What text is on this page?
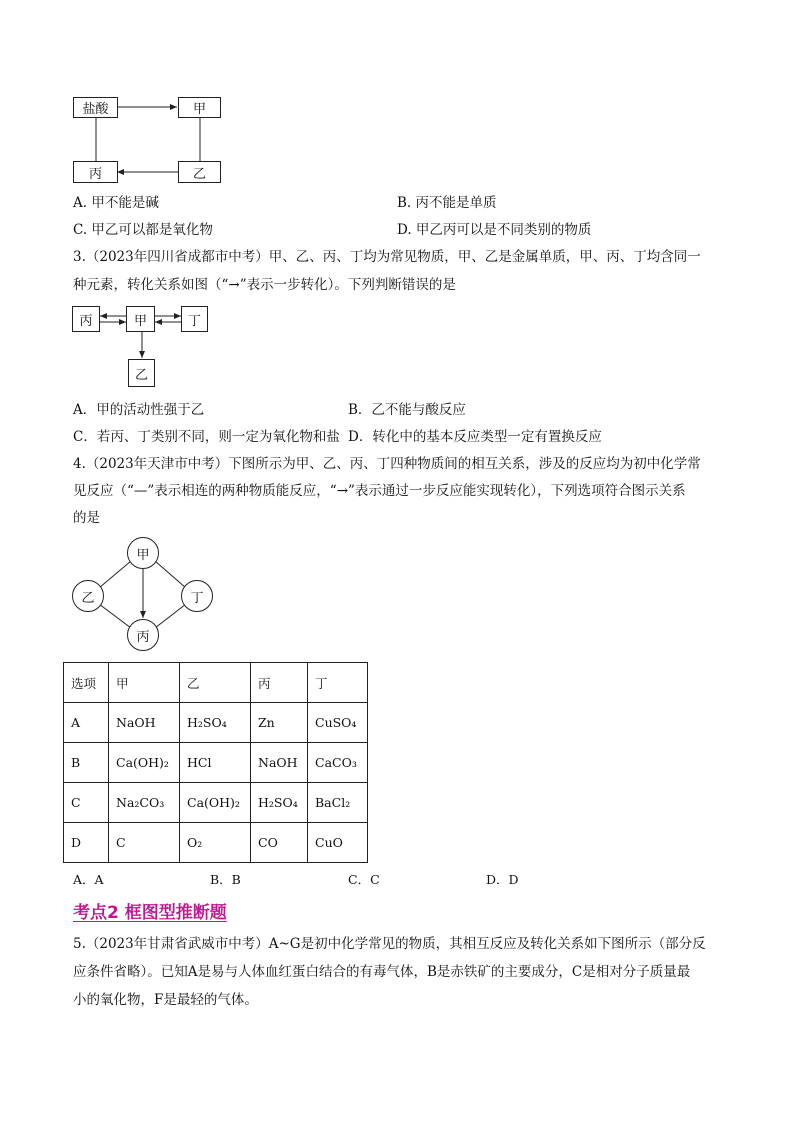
盐酸	甲
丙	乙
A. 甲不能是碱	B. 丙不能是单质
C. 甲乙可以都是氧化物	D. 甲乙丙可以是不同类别的物质
3.（2023年四川省成都市中考）甲、乙、丙、丁均为常见物质，甲、乙是金属单质，甲、丙、丁均含同一
种元素，转化关系如图（“→”表示一步转化）。下列判断错误的是
丙	甲	丁
乙
A．甲的活动性强于乙	B．乙不能与酸反应
C．若丙、丁类别不同，则一定为氧化物和盐 D．转化中的基本反应类型一定有置换反应
4.（2023年天津市中考）下图所示为甲、乙、丙、丁四种物质间的相互关系，涉及的反应均为初中化学常
见反应（“—”表示相连的两种物质能反应，“→”表示通过一步反应能实现转化），下列选项符合图示关系
的是
甲
乙	丁
丙
选项	甲	乙	丙	丁
A	NaOH	H₂SO₄	Zn	CuSO₄
B	Ca(OH)₂	HCl	NaOH	CaCO₃
C	Na₂CO₃	Ca(OH)₂	H₂SO₄	BaCl₂
D	C	O₂	CO	CuO
A．A	B．B	C．C	D．D
考点2 框图型推断题
5.（2023年甘肃省武威市中考）A~G是初中化学常见的物质，其相互反应及转化关系如下图所示（部分反
应条件省略）。已知A是易与人体血红蛋白结合的有毒气体，B是赤铁矿的主要成分，C是相对分子质量最
小的氧化物，F是最轻的气体。
